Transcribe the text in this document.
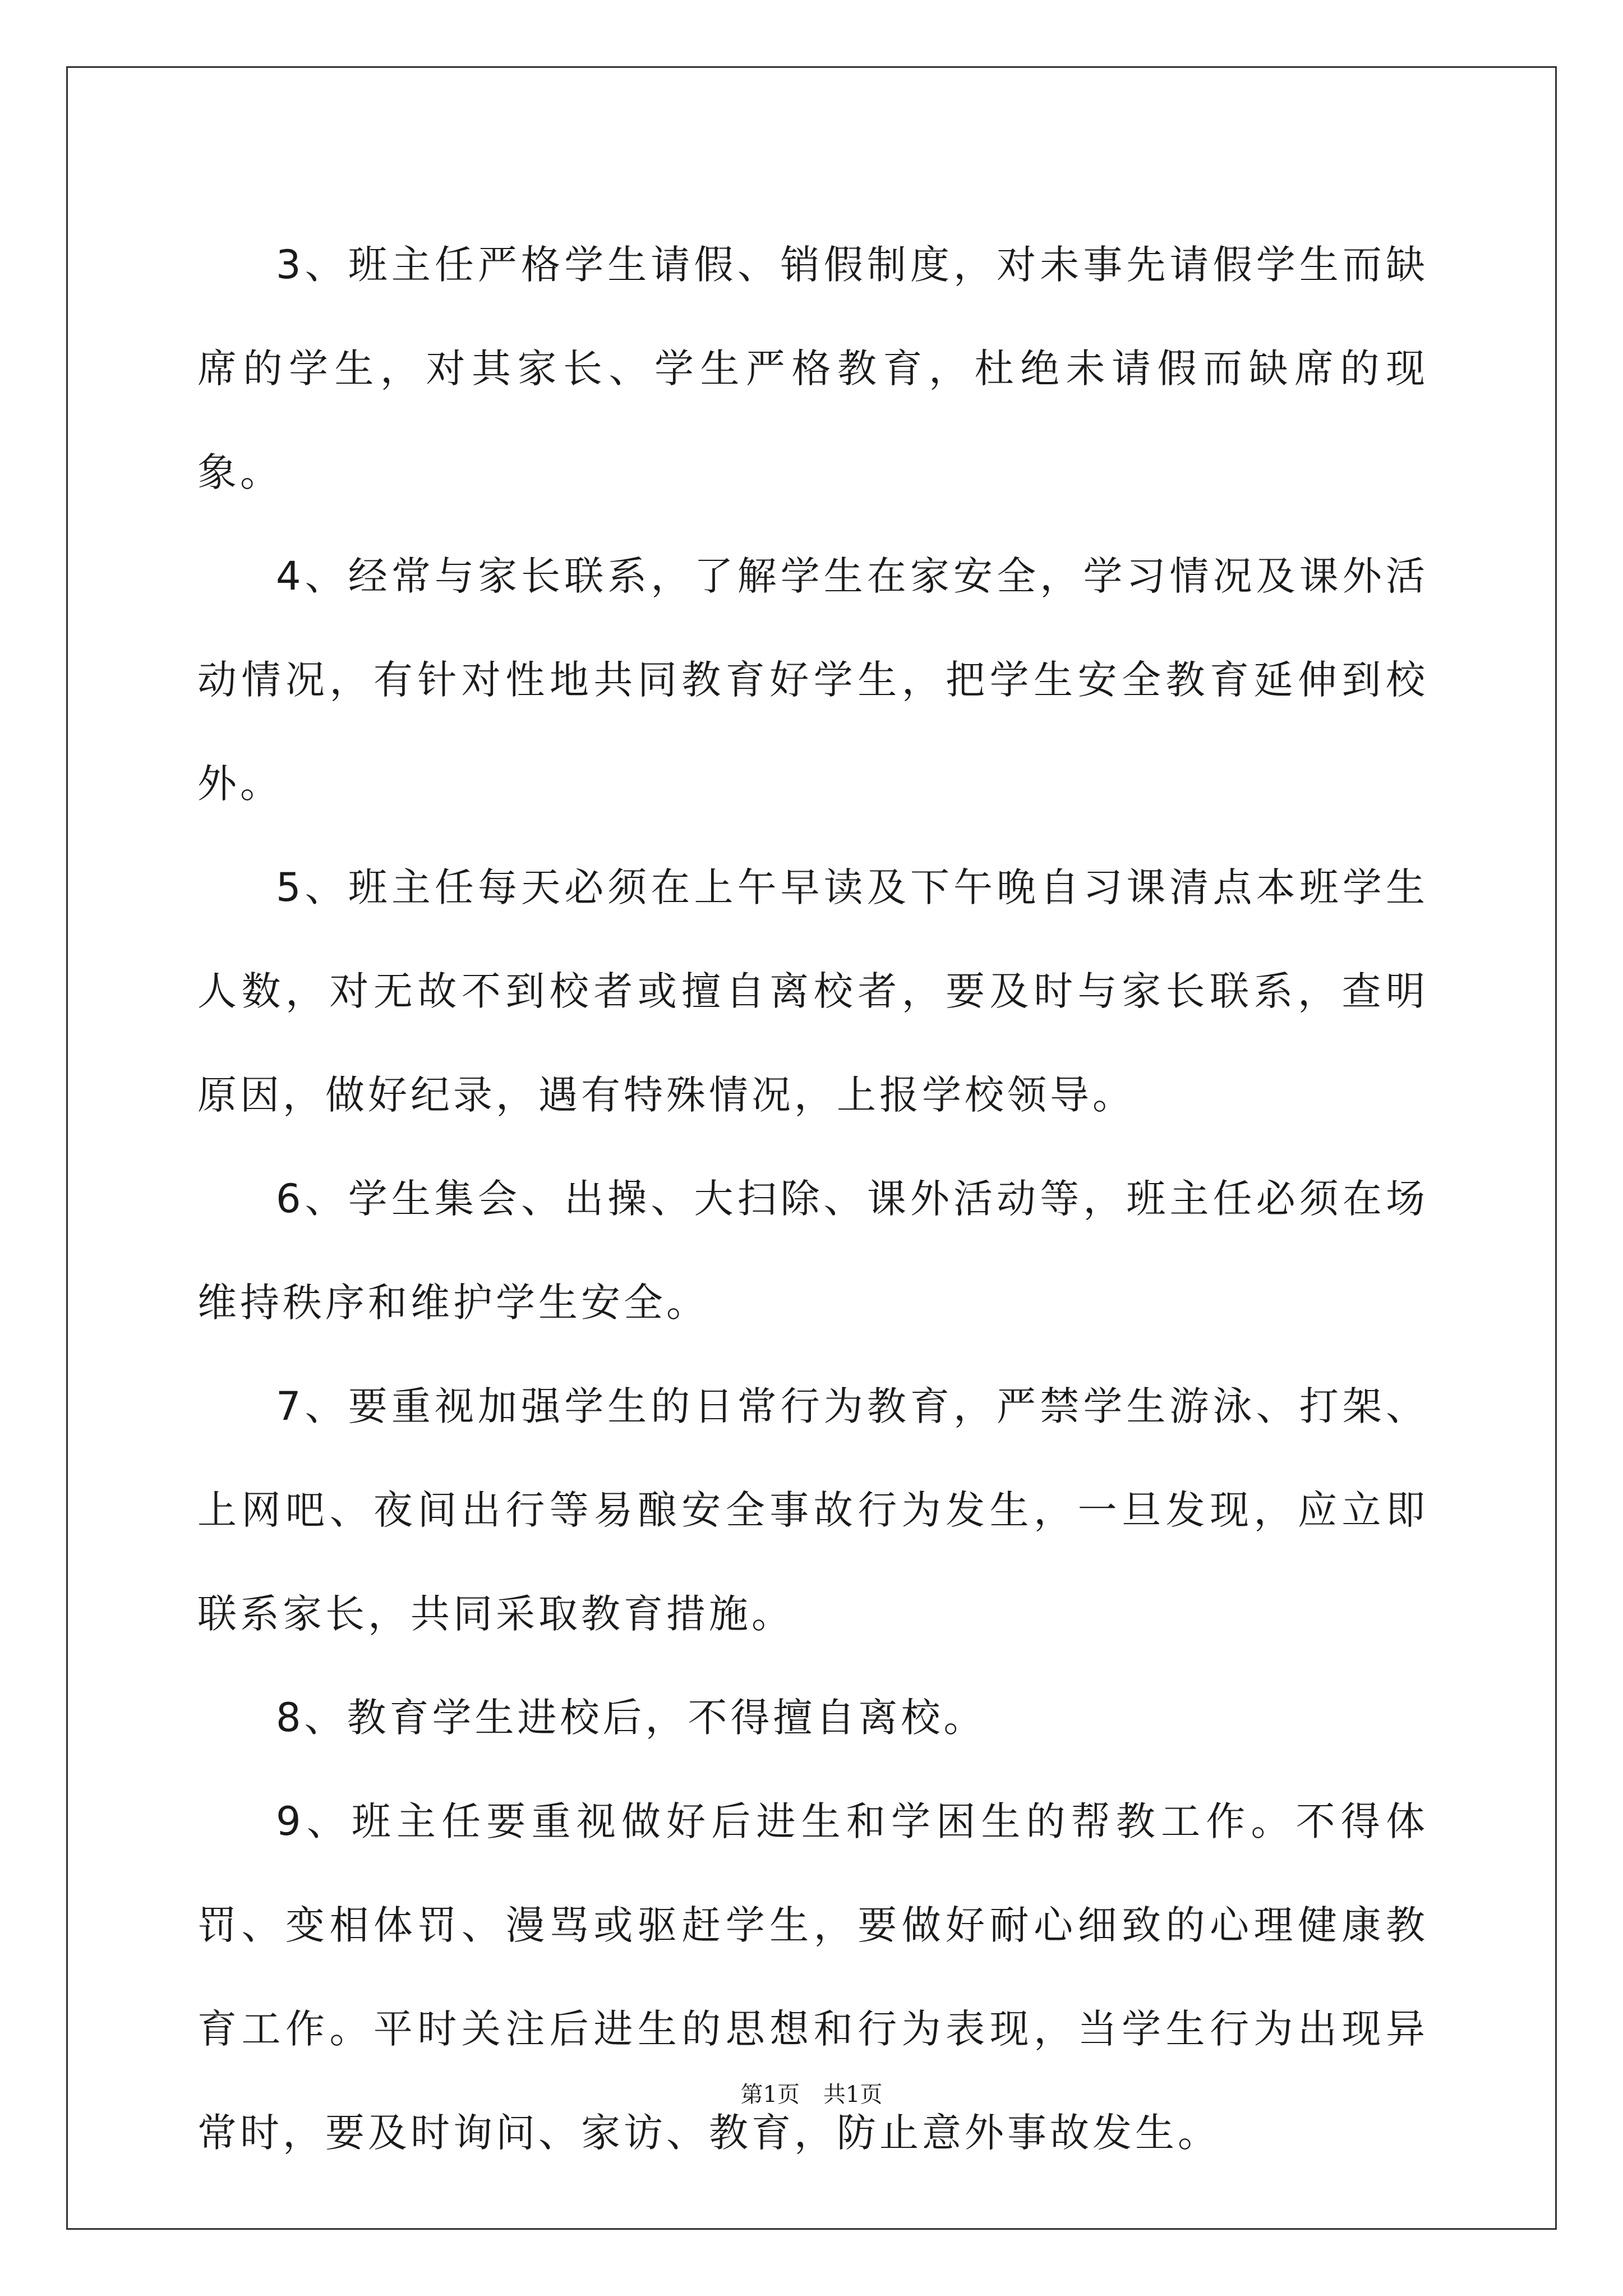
3、班主任严格学生请假、销假制度，对未事先请假学生而缺席的学生，对其家长、学生严格教育，杜绝未请假而缺席的现象。

4、经常与家长联系，了解学生在家安全，学习情况及课外活动情况，有针对性地共同教育好学生，把学生安全教育延伸到校外。

5、班主任每天必须在上午早读及下午晚自习课清点本班学生人数，对无故不到校者或擅自离校者，要及时与家长联系，查明原因，做好纪录，遇有特殊情况，上报学校领导。

6、学生集会、出操、大扫除、课外活动等，班主任必须在场维持秩序和维护学生安全。

7、要重视加强学生的日常行为教育，严禁学生游泳、打架、上网吧、夜间出行等易酿安全事故行为发生，一旦发现，应立即联系家长，共同采取教育措施。

8、教育学生进校后，不得擅自离校。

9、班主任要重视做好后进生和学困生的帮教工作。不得体罚、变相体罚、漫骂或驱赶学生，要做好耐心细致的心理健康教育工作。平时关注后进生的思想和行为表现，当学生行为出现异常时，要及时询问、家访、教育，防止意外事故发生。

第1页 共1页
